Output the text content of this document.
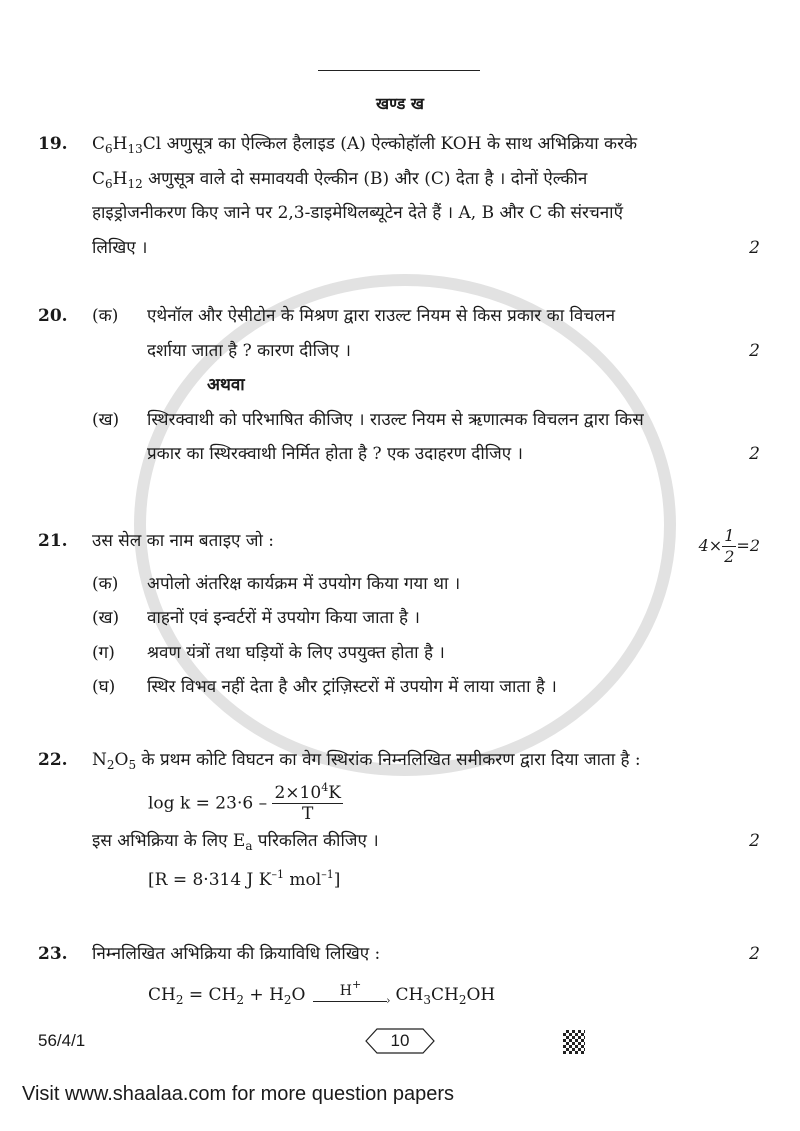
खण्ड ख
19.	$C_6H_{13}Cl$ अणुसूत्र का ऐल्किल हैलाइड (A) ऐल्कोहॉली KOH के साथ अभिक्रिया करके
$C_6H_{12}$ अणुसूत्र वाले दो समावयवी ऐल्कीन (B) और (C) देता है । दोनों ऐल्कीन
हाइड्रोजनीकरण किए जाने पर 2,3-डाइमेथिलब्यूटेन देते हैं । A, B और C की संरचनाएँ
लिखिए ।	2
20.	(क)	एथेनॉल और ऐसीटोन के मिश्रण द्वारा राउल्ट नियम से किस प्रकार का विचलन
दर्शाया जाता है ? कारण दीजिए ।	2
अथवा
(ख)	स्थिरक्वाथी को परिभाषित कीजिए । राउल्ट नियम से ऋणात्मक विचलन द्वारा किस
प्रकार का स्थिरक्वाथी निर्मित होता है ? एक उदाहरण दीजिए ।	2
21.	उस सेल का नाम बताइए जो :	$4\times \frac{1}{2} =2$
(क)	अपोलो अंतरिक्ष कार्यक्रम में उपयोग किया गया था ।
(ख)	वाहनों एवं इन्वर्टरों में उपयोग किया जाता है ।
(ग)	श्रवण यंत्रों तथा घड़ियों के लिए उपयुक्त होता है ।
(घ)	स्थिर विभव नहीं देता है और ट्रांज़िस्टरों में उपयोग में लाया जाता है ।
22.	$N_2O_5$ के प्रथम कोटि विघटन का वेग स्थिरांक निम्नलिखित समीकरण द्वारा दिया जाता है :
$\log k = 23\cdot 6 - \frac{2\times 10^4K}{T}$
इस अभिक्रिया के लिए $E_a$ परिकलित कीजिए ।	2
[R = 8·314 J $K^{-1}$ mol$^{-1}$]
23.	निम्नलिखित अभिक्रिया की क्रियाविधि लिखिए :	2
$CH_2 = CH_2 + H_2O$ H+
› $CH_3CH_2OH$
56/4/1	10
Visit www.shaalaa.com for more question papers
